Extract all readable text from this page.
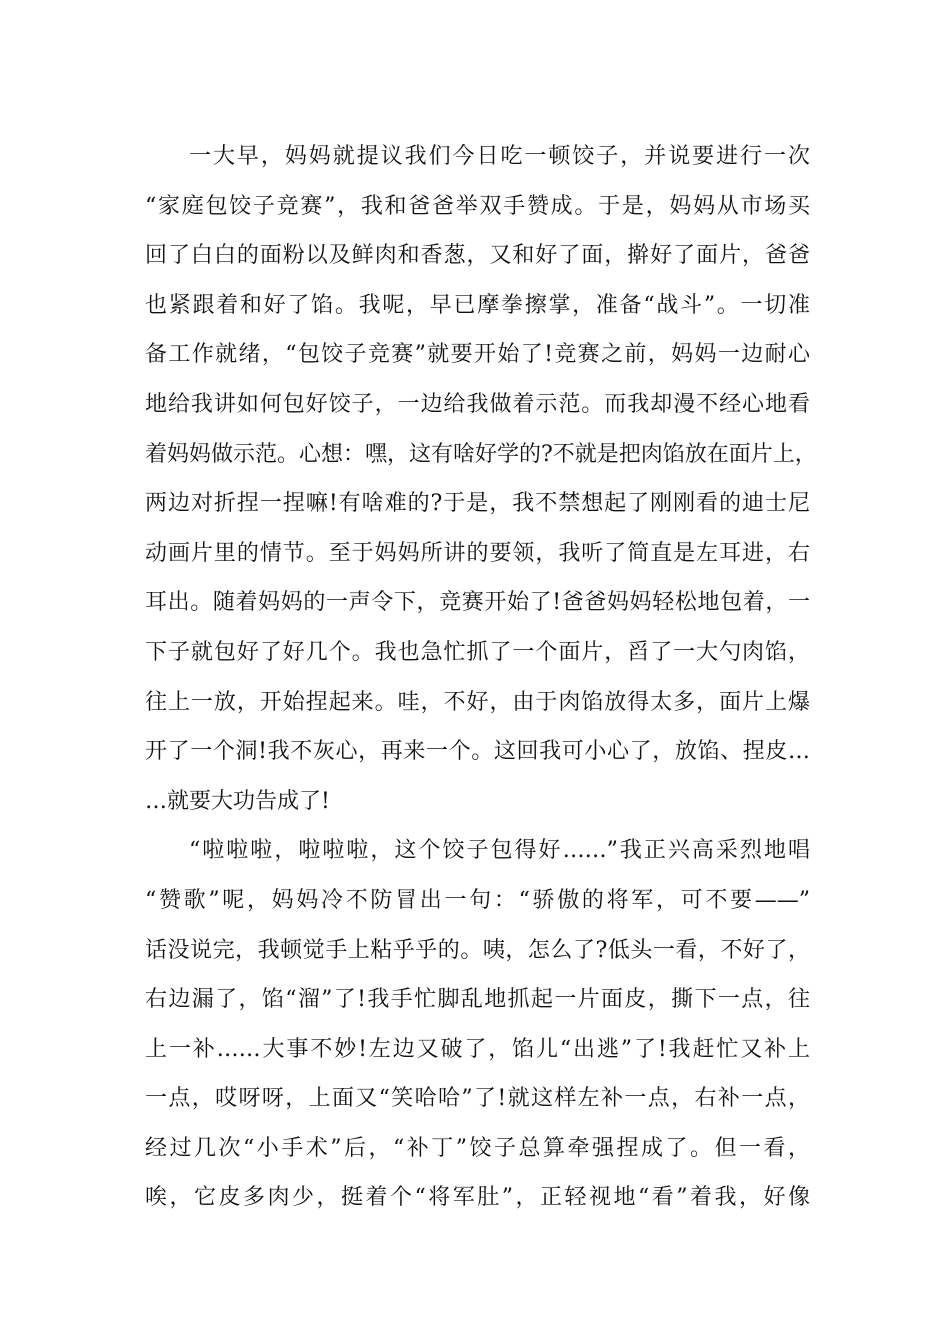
一大早，妈妈就提议我们今日吃一顿饺子，并说要进行一次
“家庭包饺子竞赛”，我和爸爸举双手赞成。于是，妈妈从市场买
回了白白的面粉以及鲜肉和香葱，又和好了面，擀好了面片，爸爸
也紧跟着和好了馅。我呢，早已摩拳擦掌，准备“战斗”。一切准
备工作就绪，“包饺子竞赛”就要开始了!竞赛之前，妈妈一边耐心
地给我讲如何包好饺子，一边给我做着示范。而我却漫不经心地看
着妈妈做示范。心想：嘿，这有啥好学的?不就是把肉馅放在面片上，
两边对折捏一捏嘛!有啥难的?于是，我不禁想起了刚刚看的迪士尼
动画片里的情节。至于妈妈所讲的要领，我听了简直是左耳进，右
耳出。随着妈妈的一声令下，竞赛开始了!爸爸妈妈轻松地包着，一
下子就包好了好几个。我也急忙抓了一个面片，舀了一大勺肉馅，
往上一放，开始捏起来。哇，不好，由于肉馅放得太多，面片上爆
开了一个洞!我不灰心，再来一个。这回我可小心了，放馅、捏皮…
…就要大功告成了!
“啦啦啦，啦啦啦，这个饺子包得好……”我正兴高采烈地唱
“赞歌”呢，妈妈冷不防冒出一句：“骄傲的将军，可不要——”
话没说完，我顿觉手上粘乎乎的。咦，怎么了?低头一看，不好了，
右边漏了，馅“溜”了!我手忙脚乱地抓起一片面皮，撕下一点，往
上一补……大事不妙!左边又破了，馅儿“出逃”了!我赶忙又补上
一点，哎呀呀，上面又“笑哈哈”了!就这样左补一点，右补一点，
经过几次“小手术”后，“补丁”饺子总算牵强捏成了。但一看，
唉，它皮多肉少，挺着个“将军肚”，正轻视地“看”着我，好像
